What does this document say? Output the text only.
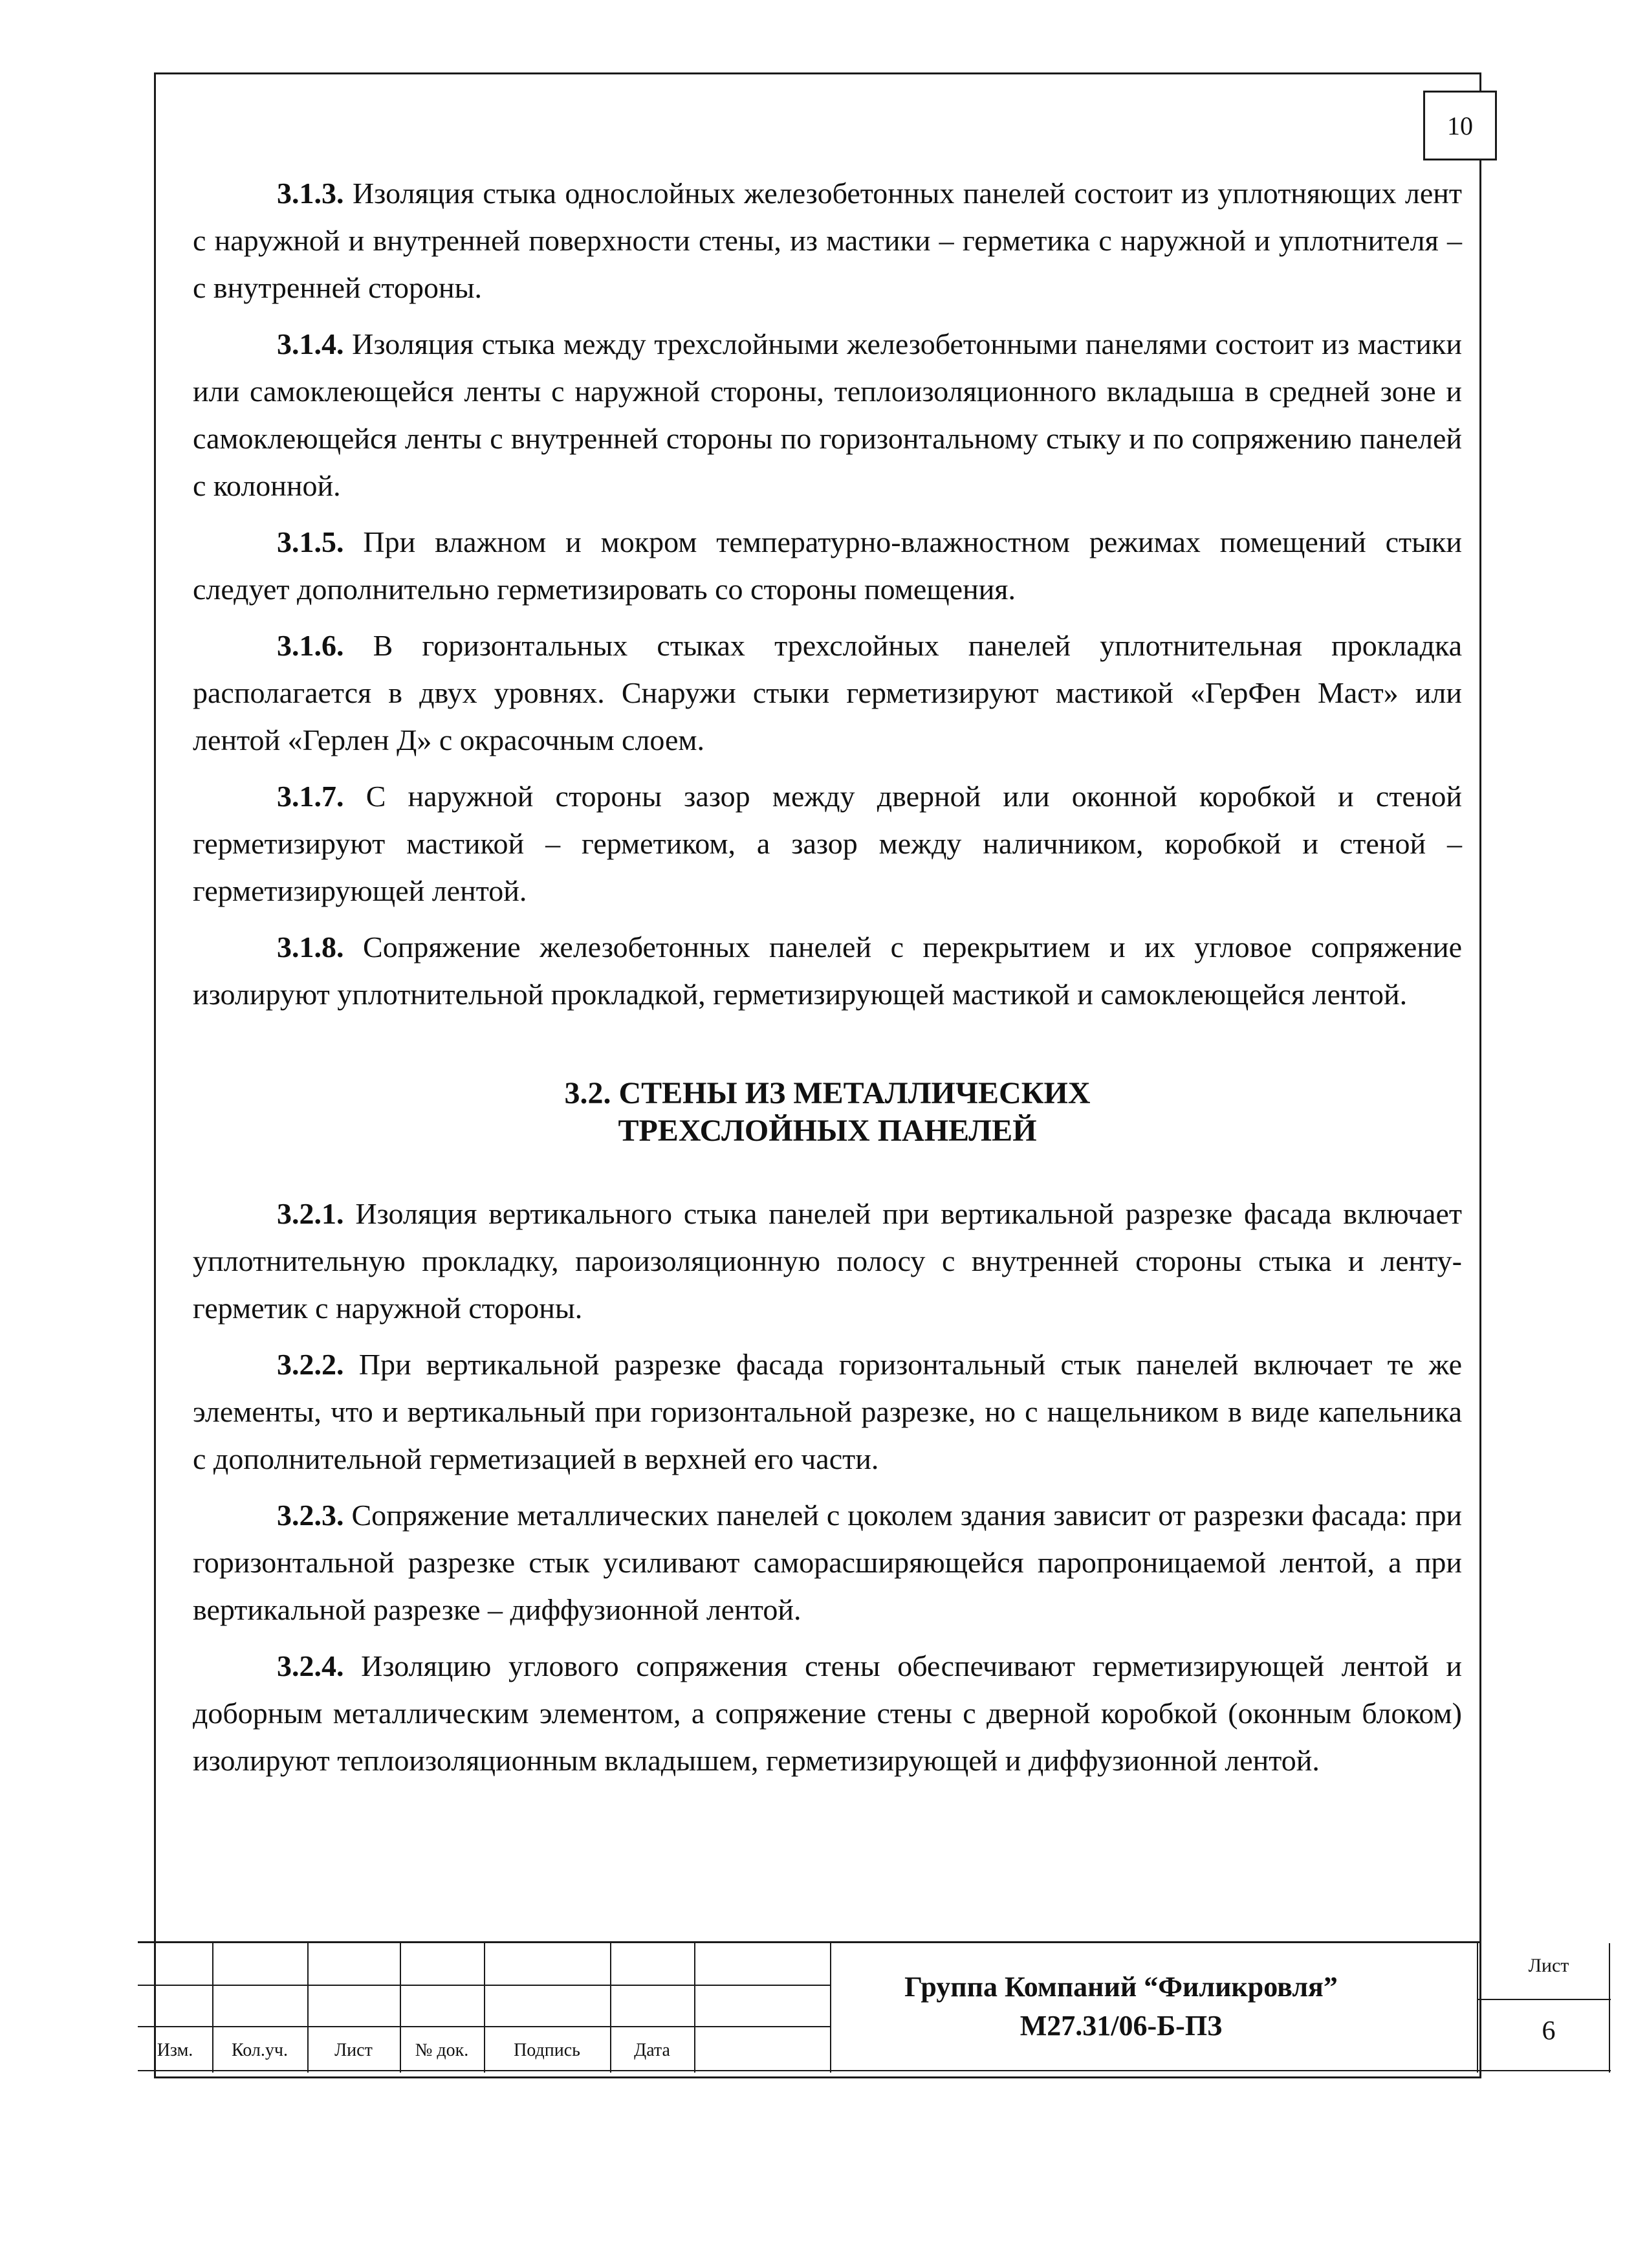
10

3.1.3. Изоляция стыка однослойных железобетонных панелей состоит из уплотняющих лент с наружной и внутренней поверхности стены, из мастики – герметика с наружной и уплотнителя – с внутренней стороны.

3.1.4. Изоляция стыка между трехслойными железобетонными панелями состоит из мастики или самоклеющейся ленты с наружной стороны, теплоизоляционного вкладыша в средней зоне и самоклеющейся ленты с внутренней стороны по горизонтальному стыку и по сопряжению панелей с колонной.

3.1.5. При влажном и мокром температурно-влажностном режимах помещений стыки следует дополнительно герметизировать со стороны помещения.

3.1.6. В горизонтальных стыках трехслойных панелей уплотнительная прокладка располагается в двух уровнях. Снаружи стыки герметизируют мастикой «ГерФен Маст» или лентой «Герлен Д» с окрасочным слоем.

3.1.7. С наружной стороны зазор между дверной или оконной коробкой и стеной герметизируют мастикой – герметиком, а зазор между наличником, коробкой и стеной – герметизирующей лентой.

3.1.8. Сопряжение железобетонных панелей с перекрытием и их угловое сопряжение изолируют уплотнительной прокладкой, герметизирующей мастикой и самоклеющейся лентой.

3.2. СТЕНЫ ИЗ МЕТАЛЛИЧЕСКИХ
ТРЕХСЛОЙНЫХ ПАНЕЛЕЙ

3.2.1. Изоляция вертикального стыка панелей при вертикальной разрезке фасада включает уплотнительную прокладку, пароизоляционную полосу с внутренней стороны стыка и ленту-герметик с наружной стороны.

3.2.2. При вертикальной разрезке фасада горизонтальный стык панелей включает те же элементы, что и вертикальный при горизонтальной разрезке, но с нащельником в виде капельника с дополнительной герметизацией в верхней его части.

3.2.3. Сопряжение металлических панелей с цоколем здания зависит от разрезки фасада: при горизонтальной разрезке стык усиливают саморасширяющейся паропроницаемой лентой, а при вертикальной разрезке – диффузионной лентой.

3.2.4. Изоляцию углового сопряжения стены обеспечивают герметизирующей лентой и доборным металлическим элементом, а сопряжение стены с дверной коробкой (оконным блоком) изолируют теплоизоляционным вкладышем, герметизирующей и диффузионной лентой.

Изм.	Кол.уч.	Лист	№ док.	Подпись	Дата
Группа Компаний “Филикровля”
М27.31/06-Б-ПЗ
Лист
6
